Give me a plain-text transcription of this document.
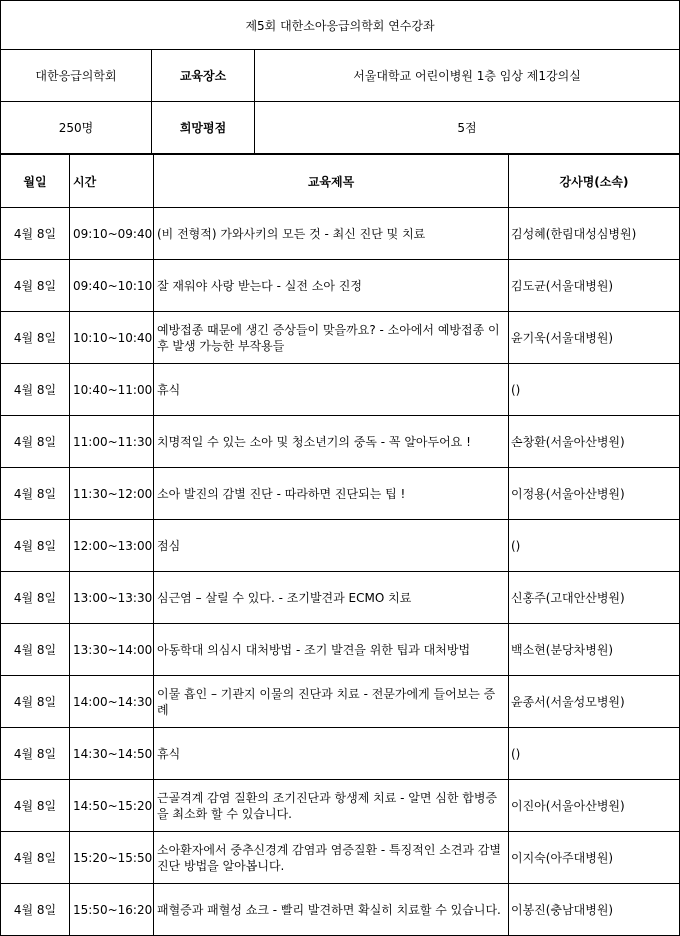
제5회 대한소아응급의학회 연수강좌		
대한응급의학회	교육장소	서울대학교 어린이병원 1층 임상 제1강의실
250명	희망평점	5점
월일	시간	교육제목	강사명(소속)
4월 8일	09:10~09:40	(비 전형적) 가와사키의 모든 것 - 최신 진단 및 치료	김성혜(한림대성심병원)
4월 8일	09:40~10:10	잘 재워야 사랑 받는다 - 실전 소아 진정	김도균(서울대병원)
4월 8일	10:10~10:40	예방접종 때문에 생긴 증상들이 맞을까요? - 소아에서 예방접종 이후 발생 가능한 부작용들	윤기욱(서울대병원)
4월 8일	10:40~11:00	휴식	()
4월 8일	11:00~11:30	치명적일 수 있는 소아 및 청소년기의 중독 - 꼭 알아두어요 !	손창환(서울아산병원)
4월 8일	11:30~12:00	소아 발진의 감별 진단 - 따라하면 진단되는 팁 !	이정용(서울아산병원)
4월 8일	12:00~13:00	점심	()
4월 8일	13:00~13:30	심근염 – 살릴 수 있다. - 조기발견과 ECMO 치료	신홍주(고대안산병원)
4월 8일	13:30~14:00	아동학대 의심시 대처방법 - 조기 발견을 위한 팁과 대처방법	백소현(분당차병원)
4월 8일	14:00~14:30	이물 흡인 – 기관지 이물의 진단과 치료 - 전문가에게 들어보는 증례	윤종서(서울성모병원)
4월 8일	14:30~14:50	휴식	()
4월 8일	14:50~15:20	근골격계 감염 질환의 조기진단과 항생제 치료 - 알면 심한 합병증을 최소화 할 수 있습니다.	이진아(서울아산병원)
4월 8일	15:20~15:50	소아환자에서 중추신경계 감염과 염증질환 - 특징적인 소견과 감별진단 방법을 알아봅니다.	이지숙(아주대병원)
4월 8일	15:50~16:20	패혈증과 패혈성 쇼크 - 빨리 발견하면 확실히 치료할 수 있습니다.	이봉진(충남대병원)
